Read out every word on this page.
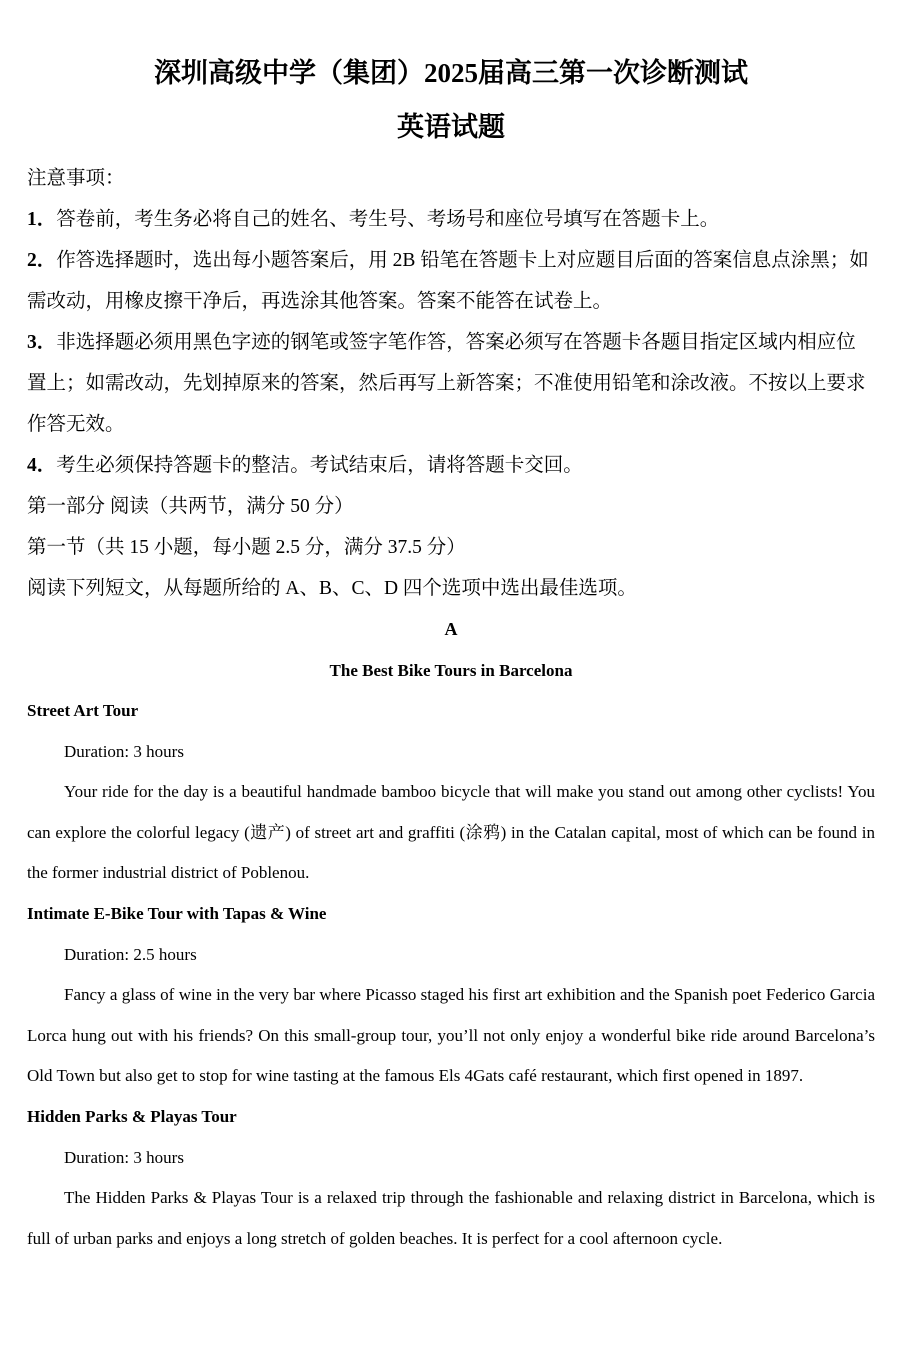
深圳高级中学（集团）2025届高三第一次诊断测试
英语试题

注意事项：

1．答卷前，考生务必将自己的姓名、考生号、考场号和座位号填写在答题卡上。

2．作答选择题时，选出每小题答案后，用 2B 铅笔在答题卡上对应题目后面的答案信息点涂黑；如需改动，用橡皮擦干净后，再选涂其他答案。答案不能答在试卷上。

3．非选择题必须用黑色字迹的钢笔或签字笔作答，答案必须写在答题卡各题目指定区域内相应位置上；如需改动，先划掉原来的答案，然后再写上新答案；不准使用铅笔和涂改液。不按以上要求作答无效。

4．考生必须保持答题卡的整洁。考试结束后，请将答题卡交回。

第一部分 阅读（共两节，满分 50 分）

第一节（共 15 小题，每小题 2.5 分，满分 37.5 分）

阅读下列短文，从每题所给的 A、B、C、D 四个选项中选出最佳选项。

A

The Best Bike Tours in Barcelona

Street Art Tour

Duration: 3 hours

Your ride for the day is a beautiful handmade bamboo bicycle that will make you stand out among other cyclists! You can explore the colorful legacy (遗产) of street art and graffiti (涂鸦) in the Catalan capital, most of which can be found in the former industrial district of Poblenou.

Intimate E-Bike Tour with Tapas & Wine

Duration: 2.5 hours

Fancy a glass of wine in the very bar where Picasso staged his first art exhibition and the Spanish poet Federico Garcia Lorca hung out with his friends? On this small-group tour, you’ll not only enjoy a wonderful bike ride around Barcelona’s Old Town but also get to stop for wine tasting at the famous Els 4Gats café restaurant, which first opened in 1897.

Hidden Parks & Playas Tour

Duration: 3 hours

The Hidden Parks & Playas Tour is a relaxed trip through the fashionable and relaxing district in Barcelona, which is full of urban parks and enjoys a long stretch of golden beaches. It is perfect for a cool afternoon cycle.
